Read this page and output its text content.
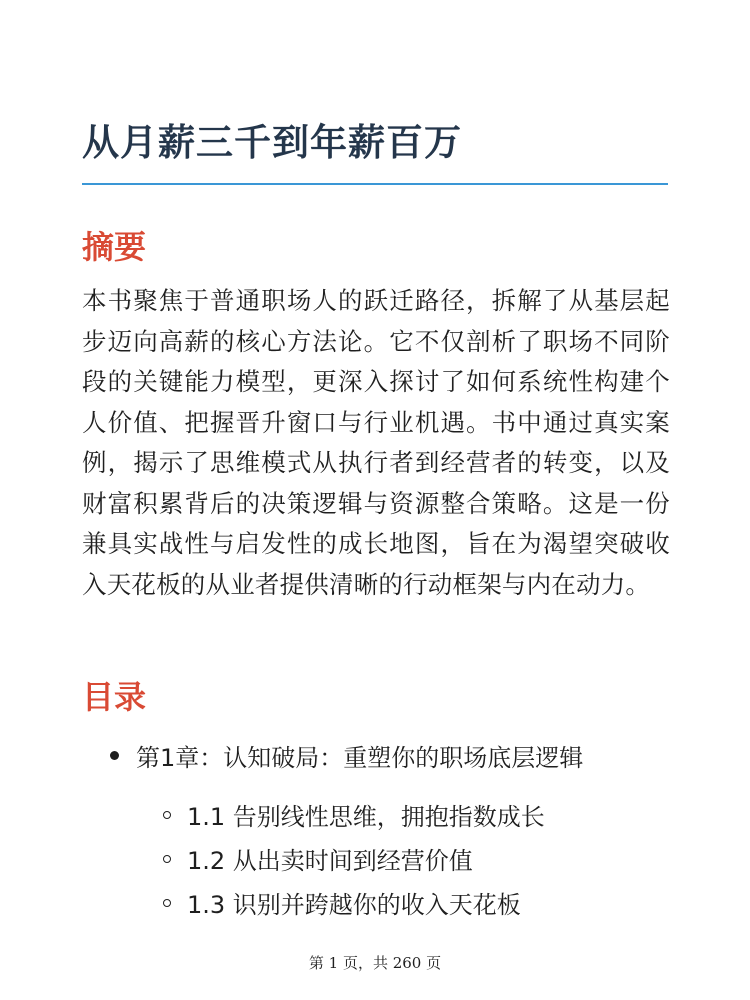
从月薪三千到年薪百万
摘要

本书聚焦于普通职场人的跃迁路径，拆解了从基层起步迈向高薪的核心方法论。它不仅剖析了职场不同阶段的关键能力模型，更深入探讨了如何系统性构建个人价值、把握晋升窗口与行业机遇。书中通过真实案例，揭示了思维模式从执行者到经营者的转变，以及财富积累背后的决策逻辑与资源整合策略。这是一份兼具实战性与启发性的成长地图，旨在为渴望突破收入天花板的从业者提供清晰的行动框架与内在动力。

目录
第1章：认知破局：重塑你的职场底层逻辑
1.1 告别线性思维，拥抱指数成长
1.2 从出卖时间到经营价值
1.3 识别并跨越你的收入天花板
第 1 页，共 260 页
